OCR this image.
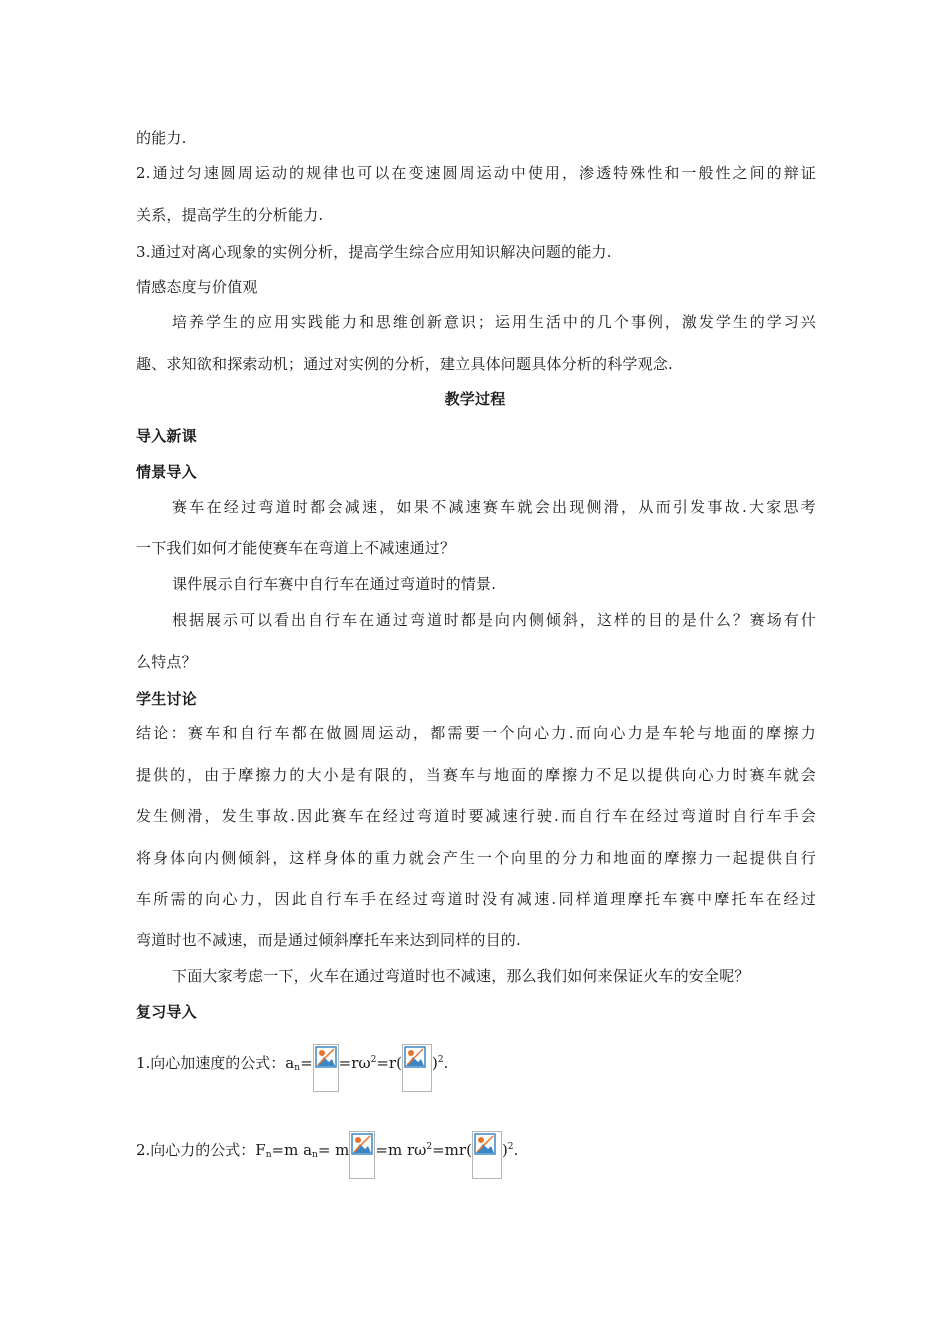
的能力.
2.通过匀速圆周运动的规律也可以在变速圆周运动中使用，渗透特殊性和一般性之间的辩证
关系，提高学生的分析能力.
3.通过对离心现象的实例分析，提高学生综合应用知识解决问题的能力.
情感态度与价值观
培养学生的应用实践能力和思维创新意识；运用生活中的几个事例，激发学生的学习兴
趣、求知欲和探索动机；通过对实例的分析，建立具体问题具体分析的科学观念.
教学过程
导入新课
情景导入
赛车在经过弯道时都会减速，如果不减速赛车就会出现侧滑，从而引发事故.大家思考
一下我们如何才能使赛车在弯道上不减速通过？
课件展示自行车赛中自行车在通过弯道时的情景.
根据展示可以看出自行车在通过弯道时都是向内侧倾斜，这样的目的是什么？赛场有什
么特点？
学生讨论
结论：赛车和自行车都在做圆周运动，都需要一个向心力.而向心力是车轮与地面的摩擦力
提供的，由于摩擦力的大小是有限的，当赛车与地面的摩擦力不足以提供向心力时赛车就会
发生侧滑，发生事故.因此赛车在经过弯道时要减速行驶.而自行车在经过弯道时自行车手会
将身体向内侧倾斜，这样身体的重力就会产生一个向里的分力和地面的摩擦力一起提供自行
车所需的向心力，因此自行车手在经过弯道时没有减速.同样道理摩托车赛中摩托车在经过
弯道时也不减速，而是通过倾斜摩托车来达到同样的目的.
下面大家考虑一下，火车在通过弯道时也不减速，那么我们如何来保证火车的安全呢？
复习导入
1.向心加速度的公式：$a_n= =r\omega^2=r$( )$^2$.
2.向心力的公式：$F_n=m$ $a_n= m =m$ $r\omega^2=mr$( )$^2$.
